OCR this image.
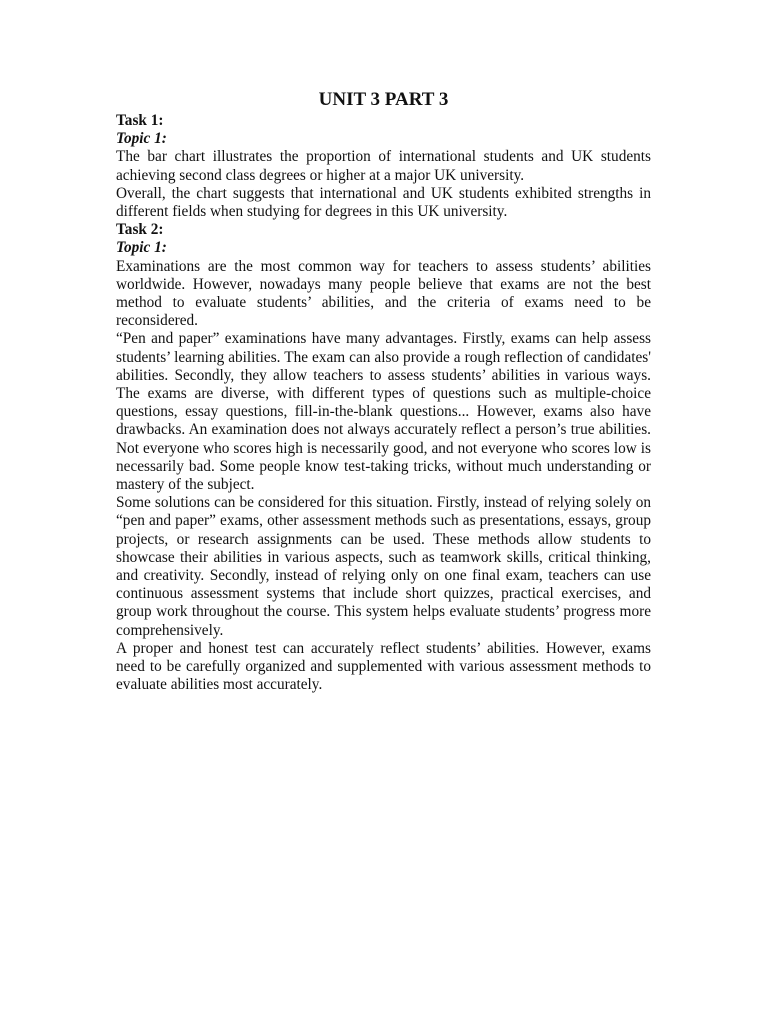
UNIT 3 PART 3
Task 1:
Topic 1:

The bar chart illustrates the proportion of international students and UK students achieving second class degrees or higher at a major UK university.

Overall, the chart suggests that international and UK students exhibited strengths in different fields when studying for degrees in this UK university.

Task 2:
Topic 1:

Examinations are the most common way for teachers to assess students’ abilities worldwide. However, nowadays many people believe that exams are not the best method to evaluate students’ abilities, and the criteria of exams need to be reconsidered.

“Pen and paper” examinations have many advantages. Firstly, exams can help assess students’ learning abilities. The exam can also provide a rough reflection of candidates' abilities. Secondly, they allow teachers to assess students’ abilities in various ways. The exams are diverse, with different types of questions such as multiple-choice questions, essay questions, fill-in-the-blank questions... However, exams also have drawbacks. An examination does not always accurately reflect a person’s true abilities. Not everyone who scores high is necessarily good, and not everyone who scores low is necessarily bad. Some people know test-taking tricks, without much understanding or mastery of the subject.

Some solutions can be considered for this situation. Firstly, instead of relying solely on “pen and paper” exams, other assessment methods such as presentations, essays, group projects, or research assignments can be used. These methods allow students to showcase their abilities in various aspects, such as teamwork skills, critical thinking, and creativity. Secondly, instead of relying only on one final exam, teachers can use continuous assessment systems that include short quizzes, practical exercises, and group work throughout the course. This system helps evaluate students’ progress more comprehensively.

A proper and honest test can accurately reflect students’ abilities. However, exams need to be carefully organized and supplemented with various assessment methods to evaluate abilities most accurately.
